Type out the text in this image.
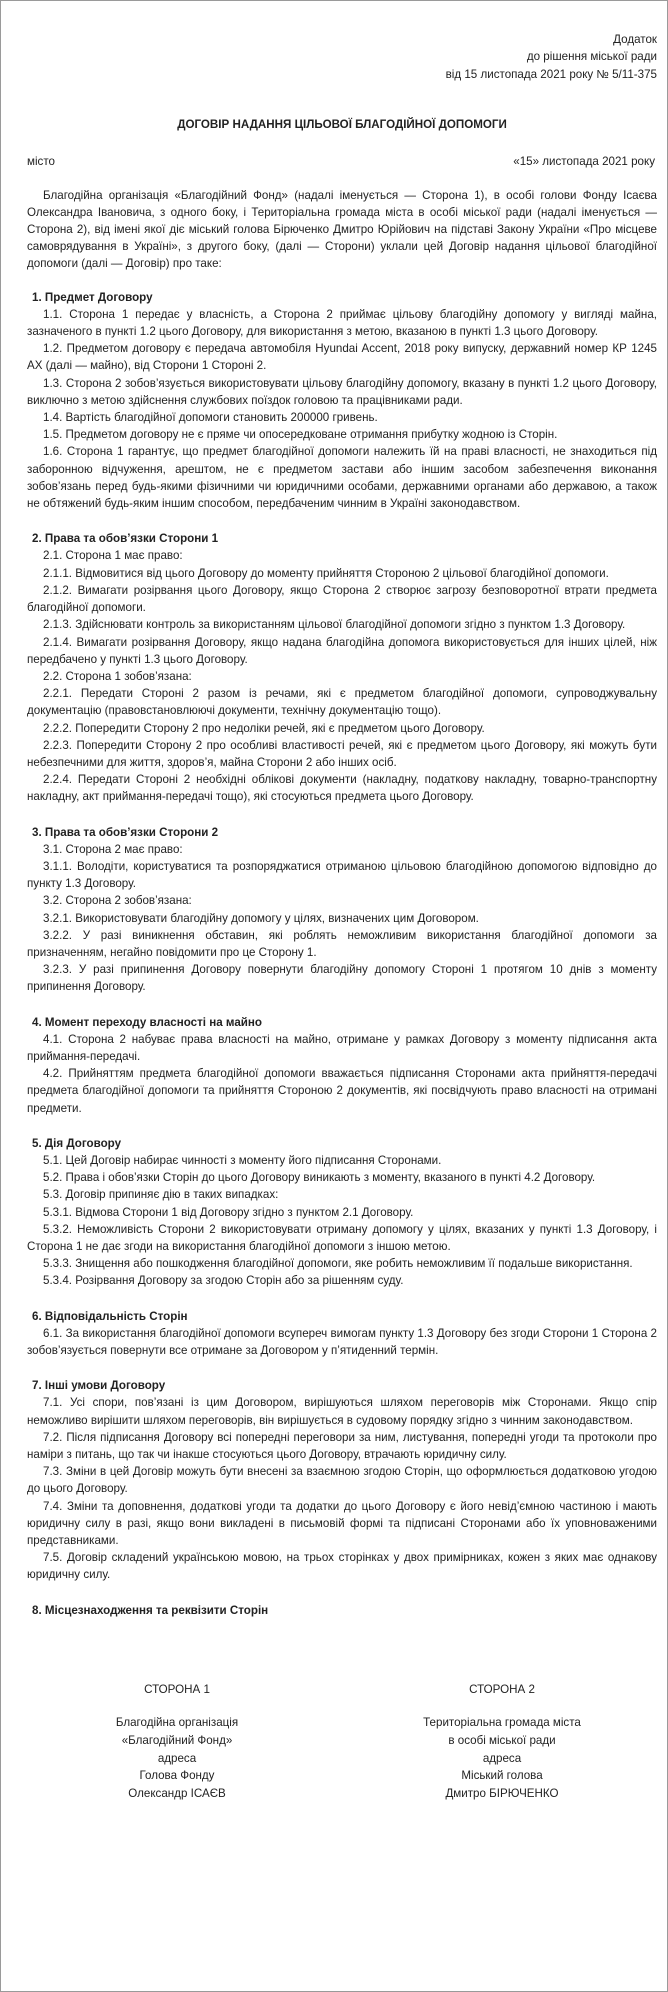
Додаток
до рішення міської ради
від 15 листопада 2021 року № 5/11-375
ДОГОВІР НАДАННЯ ЦІЛЬОВОЇ БЛАГОДІЙНОЇ ДОПОМОГИ
місто	«15» листопада 2021 року

Благодійна організація «Благодійний Фонд» (надалі іменується — Сторона 1), в особі голови Фонду Ісаєва Олександра Івановича, з одного боку, і Територіальна громада міста в особі міської ради (надалі іменується — Сторона 2), від імені якої діє міський голова Бірюченко Дмитро Юрійович на підставі Закону України «Про місцеве самоврядування в Україні», з другого боку, (далі — Сторони) уклали цей Договір надання цільової благодійної допомоги (далі — Договір) про таке:

1. Предмет Договору

1.1. Сторона 1 передає у власність, а Сторона 2 приймає цільову благодійну допомогу у вигляді майна, зазначеного в пункті 1.2 цього Договору, для використання з метою, вказаною в пункті 1.3 цього Договору.

1.2. Предметом договору є передача автомобіля Hyundai Accent, 2018 року випуску, державний номер КР 1245 АХ (далі — майно), від Сторони 1 Стороні 2.

1.3. Сторона 2 зобов’язується використовувати цільову благодійну допомогу, вказану в пункті 1.2 цього Договору, виключно з метою здійснення службових поїздок головою та працівниками ради.

1.4. Вартість благодійної допомоги становить 200000 гривень.

1.5. Предметом договору не є пряме чи опосередковане отримання прибутку жодною із Сторін.

1.6. Сторона 1 гарантує, що предмет благодійної допомоги належить їй на праві власності, не знаходиться під заборонною відчуження, арештом, не є предметом застави або іншим засобом забезпечення виконання зобов’язань перед будь-якими фізичними чи юридичними особами, державними органами або державою, а також не обтяжений будь-яким іншим способом, передбаченим чинним в Україні законодавством.

2. Права та обов’язки Сторони 1

2.1. Сторона 1 має право:

2.1.1. Відмовитися від цього Договору до моменту прийняття Стороною 2 цільової благодійної допомоги.

2.1.2. Вимагати розірвання цього Договору, якщо Сторона 2 створює загрозу безповоротної втрати предмета благодійної допомоги.

2.1.3. Здійснювати контроль за використанням цільової благодійної допомоги згідно з пунктом 1.3 Договору.

2.1.4. Вимагати розірвання Договору, якщо надана благодійна допомога використовується для інших цілей, ніж передбачено у пункті 1.3 цього Договору.

2.2. Сторона 1 зобов’язана:

2.2.1. Передати Стороні 2 разом із речами, які є предметом благодійної допомоги, супроводжувальну документацію (правовстановлюючі документи, технічну документацію тощо).

2.2.2. Попередити Сторону 2 про недоліки речей, які є предметом цього Договору.

2.2.3. Попередити Сторону 2 про особливі властивості речей, які є предметом цього Договору, які можуть бути небезпечними для життя, здоров’я, майна Сторони 2 або інших осіб.

2.2.4. Передати Стороні 2 необхідні облікові документи (накладну, податкову накладну, товарно-транспортну накладну, акт приймання-передачі тощо), які стосуються предмета цього Договору.

3. Права та обов’язки Сторони 2

3.1. Сторона 2 має право:

3.1.1. Володіти, користуватися та розпоряджатися отриманою цільовою благодійною допомогою відповідно до пункту 1.3 Договору.

3.2. Сторона 2 зобов’язана:

3.2.1. Використовувати благодійну допомогу у цілях, визначених цим Договором.

3.2.2. У разі виникнення обставин, які роблять неможливим використання благодійної допомоги за призначенням, негайно повідомити про це Сторону 1.

3.2.3. У разі припинення Договору повернути благодійну допомогу Стороні 1 протягом 10 днів з моменту припинення Договору.

4. Момент переходу власності на майно

4.1. Сторона 2 набуває права власності на майно, отримане у рамках Договору з моменту підписання акта приймання-передачі.

4.2. Прийняттям предмета благодійної допомоги вважається підписання Сторонами акта прийняття-передачі предмета благодійної допомоги та прийняття Стороною 2 документів, які посвідчують право власності на отримані предмети.

5. Дія Договору

5.1. Цей Договір набирає чинності з моменту його підписання Сторонами.

5.2. Права і обов’язки Сторін до цього Договору виникають з моменту, вказаного в пункті 4.2 Договору.

5.3. Договір припиняє дію в таких випадках:

5.3.1. Відмова Сторони 1 від Договору згідно з пунктом 2.1 Договору.

5.3.2. Неможливість Сторони 2 використовувати отриману допомогу у цілях, вказаних у пункті 1.3 Договору, і Сторона 1 не дає згоди на використання благодійної допомоги з іншою метою.

5.3.3. Знищення або пошкодження благодійної допомоги, яке робить неможливим її подальше використання.

5.3.4. Розірвання Договору за згодою Сторін або за рішенням суду.

6. Відповідальність Сторін

6.1. За використання благодійної допомоги всупереч вимогам пункту 1.3 Договору без згоди Сторони 1 Сторона 2 зобов’язується повернути все отримане за Договором у п’ятиденний термін.

7. Інші умови Договору

7.1. Усі спори, пов’язані із цим Договором, вирішуються шляхом переговорів між Сторонами. Якщо спір неможливо вирішити шляхом переговорів, він вирішується в судовому порядку згідно з чинним законодавством.

7.2. Після підписання Договору всі попередні переговори за ним, листування, попередні угоди та протоколи про наміри з питань, що так чи інакше стосуються цього Договору, втрачають юридичну силу.

7.3. Зміни в цей Договір можуть бути внесені за взаємною згодою Сторін, що оформлюється додатковою угодою до цього Договору.

7.4. Зміни та доповнення, додаткові угоди та додатки до цього Договору є його невід’ємною частиною і мають юридичну силу в разі, якщо вони викладені в письмовій формі та підписані Сторонами або їх уповноваженими представниками.

7.5. Договір складений українською мовою, на трьох сторінках у двох примірниках, кожен з яких має однакову юридичну силу.

8. Місцезнаходження та реквізити Сторін
СТОРОНА 1
Благодійна організація
«Благодійний Фонд»
адреса
Голова Фонду
Олександр ІСАЄВ
СТОРОНА 2
Територіальна громада міста
в особі міської ради
адреса
Міський голова
Дмитро БІРЮЧЕНКО
